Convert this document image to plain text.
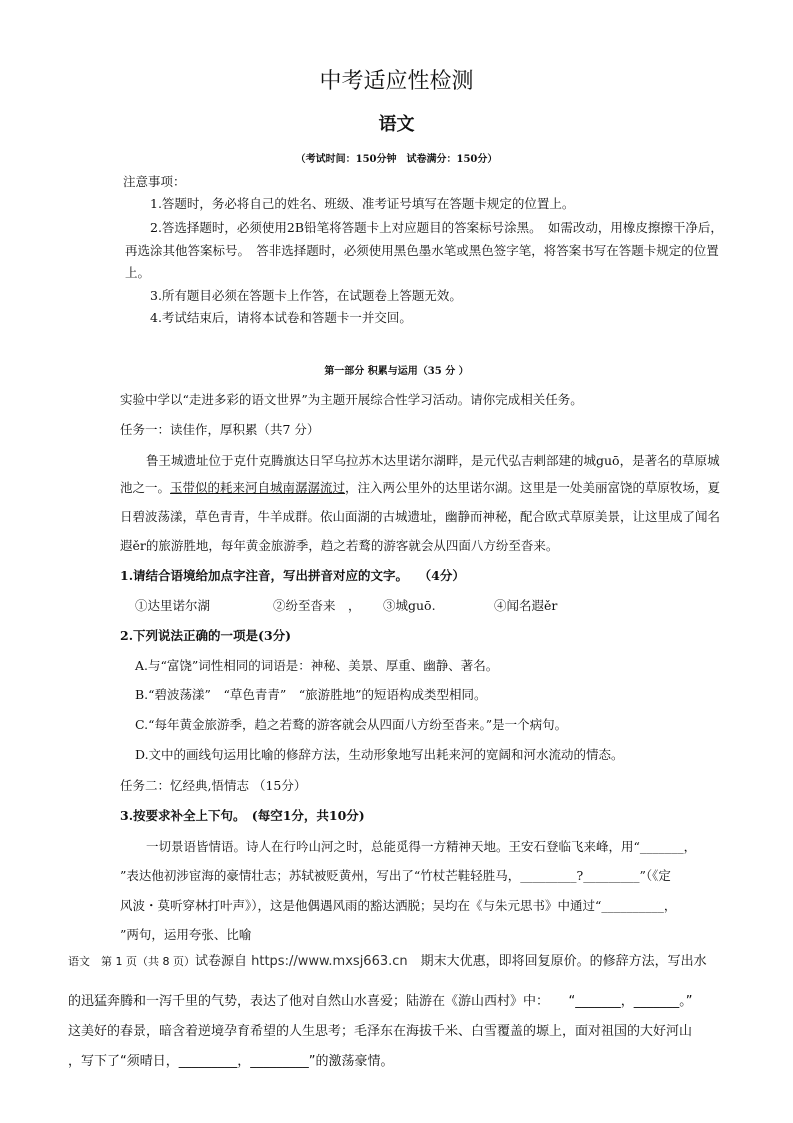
中考适应性检测
语文
（考试时间：150分钟　试卷满分：150分）
注意事项：
1.答题时，务必将自己的姓名、班级、准考证号填写在答题卡规定的位置上。
2.答选择题时，必须使用2B铅笔将答题卡上对应题目的答案标号涂黑。　如需改动，用橡皮擦擦干净后，
再选涂其他答案标号。　答非选择题时，必须使用黑色墨水笔或黑色签字笔，将答案书写在答题卡规定的位置
上。
3.所有题目必须在答题卡上作答，在试题卷上答题无效。
4.考试结束后，请将本试卷和答题卡一并交回。
第一部分 积累与运用（35 分 ）
实验中学以“走进多彩的语文世界”为主题开展综合性学习活动。请你完成相关任务。
任务一：读佳作，厚积累（共7 分）
鲁王城遗址位于克什克腾旗达日罕乌拉苏木达里诺尔湖畔，是元代弘吉剌部建的城guō，是著名的草原城
池之一。玉带似的耗来河自城南潺潺流过，注入两公里外的达里诺尔湖。这里是一处美丽富饶的草原牧场，夏
日碧波荡漾，草色青青，牛羊成群。依山面湖的古城遗址，幽静而神秘，配合欧式草原美景，让这里成了闻名
遐ěr的旅游胜地，每年黄金旅游季，趋之若鹜的游客就会从四面八方纷至沓来。
1.请结合语境给加点字注音，写出拼音对应的文字。　 （4分）
①达里诺尔湖	②纷至沓来　， ③城guō.	④闻名遐ěr
2.下列说法正确的一项是(3分)
A.与“富饶”词性相同的词语是：神秘、美景、厚重、幽静、著名。
B.“碧波荡漾”　“草色青青”　“旅游胜地”的短语构成类型相同。
C.“每年黄金旅游季，趋之若鹜的游客就会从四面八方纷至沓来。”是一个病句。
D.文中的画线句运用比喻的修辞方法，生动形象地写出耗来河的宽阔和河水流动的情态。
任务二：忆经典,悟情志 （15分）
3.按要求补全上下句。　(每空1分，共10分)
一切景语皆情语。诗人在行吟山河之时，总能觅得一方精神天地。王安石登临飞来峰，用“_______，
”表达他初涉宦海的豪情壮志；苏轼被贬黄州，写出了“竹杖芒鞋轻胜马，_________?_________”（《定
风波・莫听穿林打叶声》），这是他偶遇风雨的豁达洒脱；吴均在《与朱元思书》中通过“__________，
”两句，运用夸张、比喻
语文　第 1 页（共 8 页）试卷源自 https://www.mxsj663.cn　期末大优惠，即将回复原价。的修辞方法，写出水
的迅猛奔腾和一泻千里的气势，表达了他对自然山水喜爱；陆游在《游山西村》中：　　“_______，_______。”
这美好的春景，暗含着逆境孕育希望的人生思考；毛泽东在海拔千米、白雪覆盖的塬上，面对祖国的大好河山
，写下了“须晴日，_________，_________”的激荡豪情。
